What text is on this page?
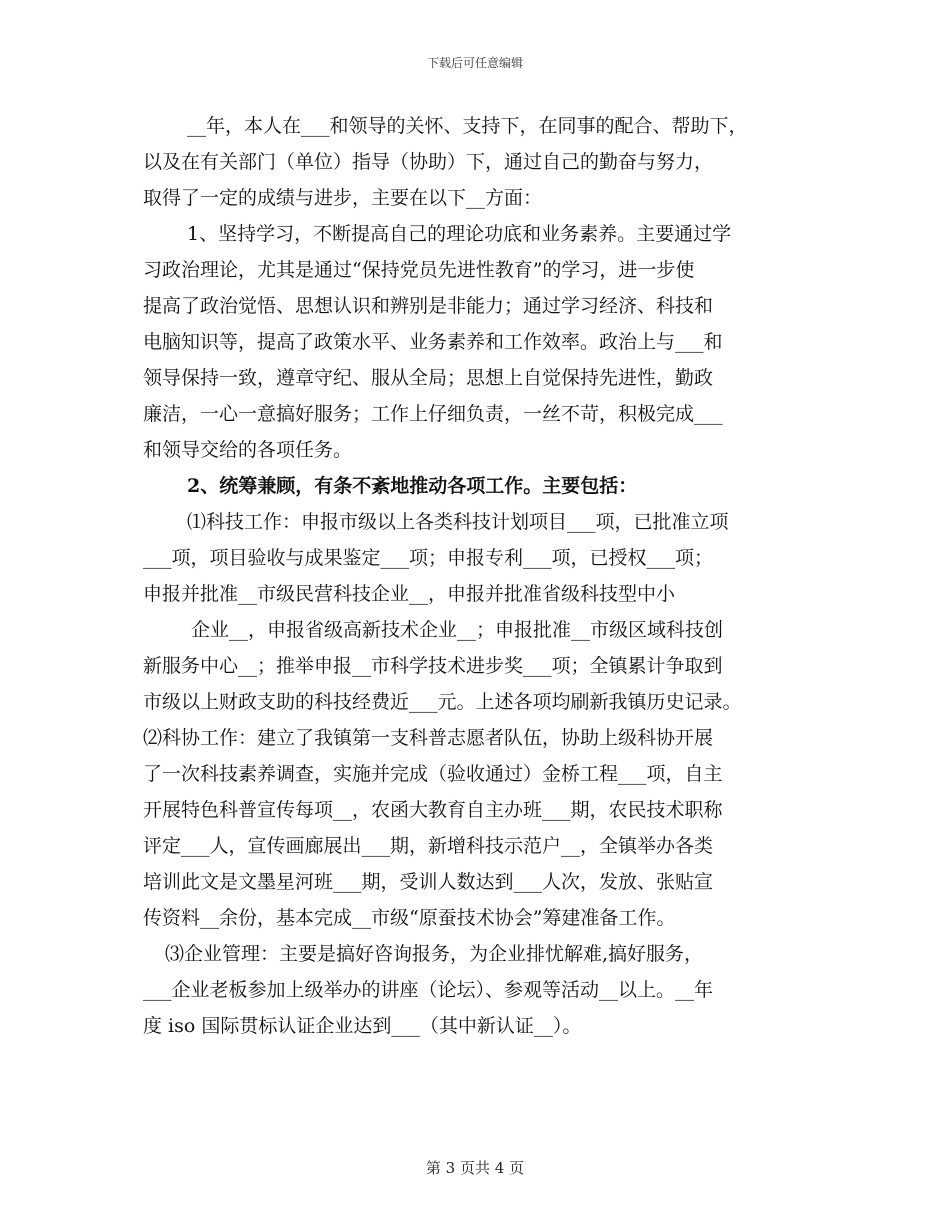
下载后可任意编辑
__年，本人在___和领导的关怀、支持下，在同事的配合、帮助下，
以及在有关部门（单位）指导（协助）下，通过自己的勤奋与努力，
取得了一定的成绩与进步，主要在以下__方面：
1、坚持学习，不断提高自己的理论功底和业务素养。主要通过学
习政治理论，尤其是通过“保持党员先进性教育”的学习，进一步使
提高了政治觉悟、思想认识和辨别是非能力；通过学习经济、科技和
电脑知识等，提高了政策水平、业务素养和工作效率。政治上与___和
领导保持一致，遵章守纪、服从全局；思想上自觉保持先进性，勤政
廉洁，一心一意搞好服务；工作上仔细负责，一丝不苛，积极完成___
和领导交给的各项任务。
2、统筹兼顾，有条不紊地推动各项工作。主要包括：
⑴科技工作：申报市级以上各类科技计划项目___项，已批准立项
___项，项目验收与成果鉴定___项；申报专利___项，已授权___项；
申报并批准__市级民营科技企业__，申报并批准省级科技型中小
企业__，申报省级高新技术企业__；申报批准__市级区域科技创
新服务中心__；推举申报__市科学技术进步奖___项；全镇累计争取到
市级以上财政支助的科技经费近___元。上述各项均刷新我镇历史记录。
⑵科协工作：建立了我镇第一支科普志愿者队伍，协助上级科协开展
了一次科技素养调查，实施并完成（验收通过）金桥工程___项，自主
开展特色科普宣传每项__，农函大教育自主办班___期，农民技术职称
评定___人，宣传画廊展出___期，新增科技示范户__，全镇举办各类
培训此文是文墨星河班___期，受训人数达到___人次，发放、张贴宣
传资料__余份，基本完成__市级“原蚕技术协会”筹建准备工作。
⑶企业管理：主要是搞好咨询报务，为企业排忧解难,搞好服务，
___企业老板参加上级举办的讲座（论坛）、参观等活动__以上。__年
度 iso 国际贯标认证企业达到___（其中新认证__）。
第 3 页共 4 页
